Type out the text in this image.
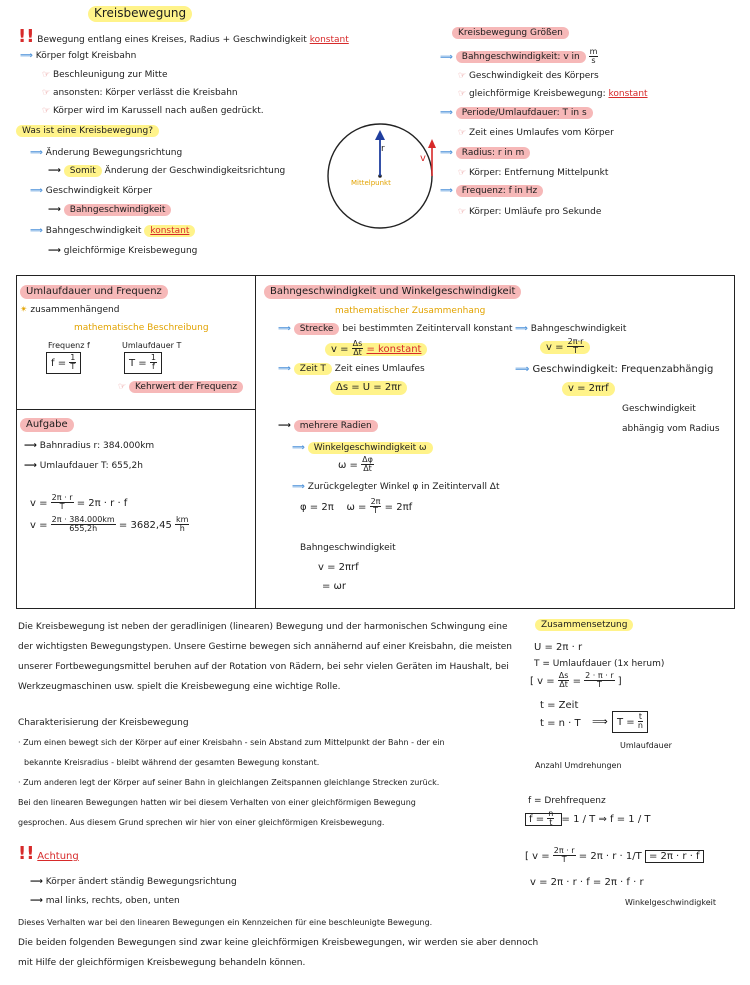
Kreisbewegung
!! Bewegung entlang eines Kreises, Radius + Geschwindigkeit konstant
⟹ Körper folgt Kreisbahn
☞ Beschleunigung zur Mitte
☞ ansonsten: Körper verlässt die Kreisbahn
☞ Körper wird im Karussell nach außen gedrückt.
Was ist eine Kreisbewegung?
⟹ Änderung Bewegungsrichtung
⟶ Somit Änderung der Geschwindigkeitsrichtung
⟹ Geschwindigkeit Körper
⟶ Bahngeschwindigkeit
⟹ Bahngeschwindigkeit konstant
⟶ gleichförmige Kreisbewegung
r
Mittelpunkt
v
Kreisbewegung Größen
⟹ Bahngeschwindigkeit: v in $\frac{m}{s}$
☞ Geschwindigkeit des Körpers
☞ gleichförmige Kreisbewegung: konstant
⟹ Periode/Umlaufdauer: T in s
☞ Zeit eines Umlaufes vom Körper
⟹ Radius: r in m
☞ Körper: Entfernung Mittelpunkt
⟹ Frequenz: f in Hz
☞ Körper: Umläufe pro Sekunde
Umlaufdauer und Frequenz
✴ zusammenhängend
mathematische Beschreibung
Frequenz f	Umlaufdauer T
$f = \frac{1}{T}$	$T = \frac{1}{f}$
☞ Kehrwert der Frequenz
Aufgabe
⟶ Bahnradius r: 384.000km
⟶ Umlaufdauer T: 655,2h
$v = \frac{2\pi \cdot r}{T} = 2\pi \cdot r \cdot f$
$v = \frac{2\pi \cdot 384.000km}{655,2h} = 3682,45 \frac{km}{h}$
Bahngeschwindigkeit und Winkelgeschwindigkeit
mathematischer Zusammenhang
⟹ Strecke bei bestimmten Zeitintervall konstant
$v = \frac{\Delta s}{\Delta t}$ = konstant
⟹ Bahngeschwindigkeit
$v = \frac{2\pi\cdot r}{T}$
⟹ Zeit T Zeit eines Umlaufes
Δs = U = 2πr
⟹ Geschwindigkeit: Frequenzabhängig
v = 2πrf
Geschwindigkeit
abhängig vom Radius
⟶ mehrere Radien
⟹ Winkelgeschwindigkeit ω
$\omega = \frac{\Delta\varphi}{\Delta t}$
⟹ Zurückgelegter Winkel φ in Zeitintervall Δt
φ = 2π $\omega = \frac{2\pi}{T} = 2\pi f$
Bahngeschwindigkeit
v = 2πrf
= ωr
Die Kreisbewegung ist neben der geradlinigen (linearen) Bewegung und der harmonischen Schwingung eine
der wichtigsten Bewegungstypen. Unsere Gestirne bewegen sich annähernd auf einer Kreisbahn, die meisten
unserer Fortbewegungsmittel beruhen auf der Rotation von Rädern, bei sehr vielen Geräten im Haushalt, bei
Werkzeugmaschinen usw. spielt die Kreisbewegung eine wichtige Rolle.
Charakterisierung der Kreisbewegung
· Zum einen bewegt sich der Körper auf einer Kreisbahn - sein Abstand zum Mittelpunkt der Bahn - der ein
bekannte Kreisradius - bleibt während der gesamten Bewegung konstant.
· Zum anderen legt der Körper auf seiner Bahn in gleichlangen Zeitspannen gleichlange Strecken zurück.
Bei den linearen Bewegungen hatten wir bei diesem Verhalten von einer gleichförmigen Bewegung
gesprochen. Aus diesem Grund sprechen wir hier von einer gleichförmigen Kreisbewegung.
!! Achtung
⟶ Körper ändert ständig Bewegungsrichtung
⟶ mal links, rechts, oben, unten
Dieses Verhalten war bei den linearen Bewegungen ein Kennzeichen für eine beschleunigte Bewegung.
Die beiden folgenden Bewegungen sind zwar keine gleichförmigen Kreisbewegungen, wir werden sie aber dennoch
mit Hilfe der gleichförmigen Kreisbewegung behandeln können.
Zusammensetzung
U = 2π · r
T = Umlaufdauer (1x herum)
[ $v = \frac{\Delta s}{\Delta t} = \frac{2 \cdot \pi \cdot r}{T}$ ]
t = Zeit
t = n · T ⟹ $T = \frac{t}{n}$
Umlaufdauer
Anzahl Umdrehungen
f = Drehfrequenz
$f = \frac{n}{t} = 1 / T$ ⇒ f = 1 / T
[ $v = \frac{2\pi \cdot r}{T} = 2\pi \cdot r \cdot 1/T = 2\pi \cdot r \cdot f$
v = 2π · r · f = 2π · f · r
Winkelgeschwindigkeit
